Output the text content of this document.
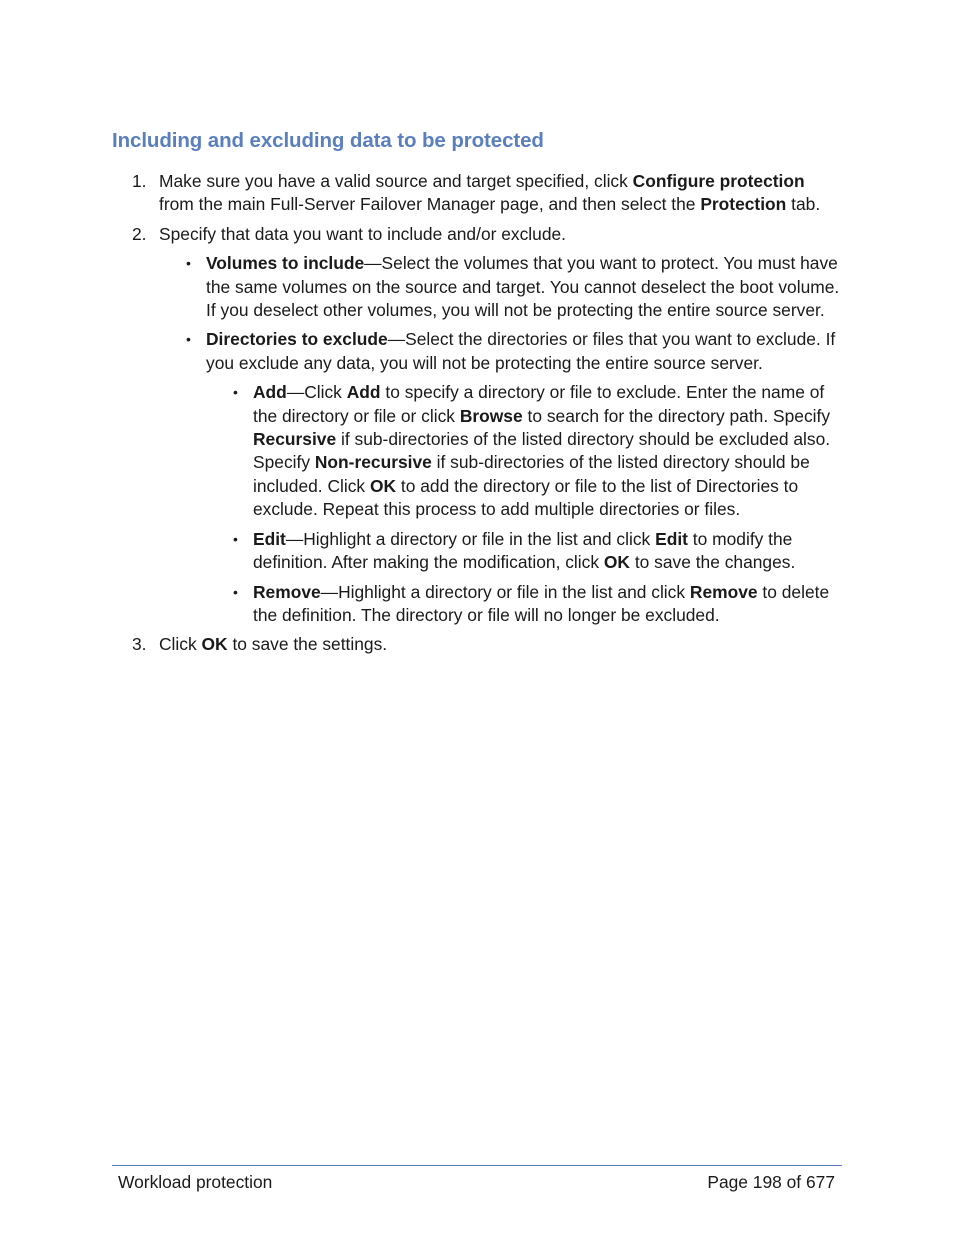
Including and excluding data to be protected
1. Make sure you have a valid source and target specified, click Configure protection from the main Full-Server Failover Manager page, and then select the Protection tab.
2. Specify that data you want to include and/or exclude.
• Volumes to include—Select the volumes that you want to protect. You must have the same volumes on the source and target. You cannot deselect the boot volume. If you deselect other volumes, you will not be protecting the entire source server.
• Directories to exclude—Select the directories or files that you want to exclude. If you exclude any data, you will not be protecting the entire source server.
• Add—Click Add to specify a directory or file to exclude. Enter the name of the directory or file or click Browse to search for the directory path. Specify Recursive if sub-directories of the listed directory should be excluded also. Specify Non-recursive if sub-directories of the listed directory should be included. Click OK to add the directory or file to the list of Directories to exclude. Repeat this process to add multiple directories or files.
• Edit—Highlight a directory or file in the list and click Edit to modify the definition. After making the modification, click OK to save the changes.
• Remove—Highlight a directory or file in the list and click Remove to delete the definition. The directory or file will no longer be excluded.
3. Click OK to save the settings.
Workload protection	Page 198 of 677
